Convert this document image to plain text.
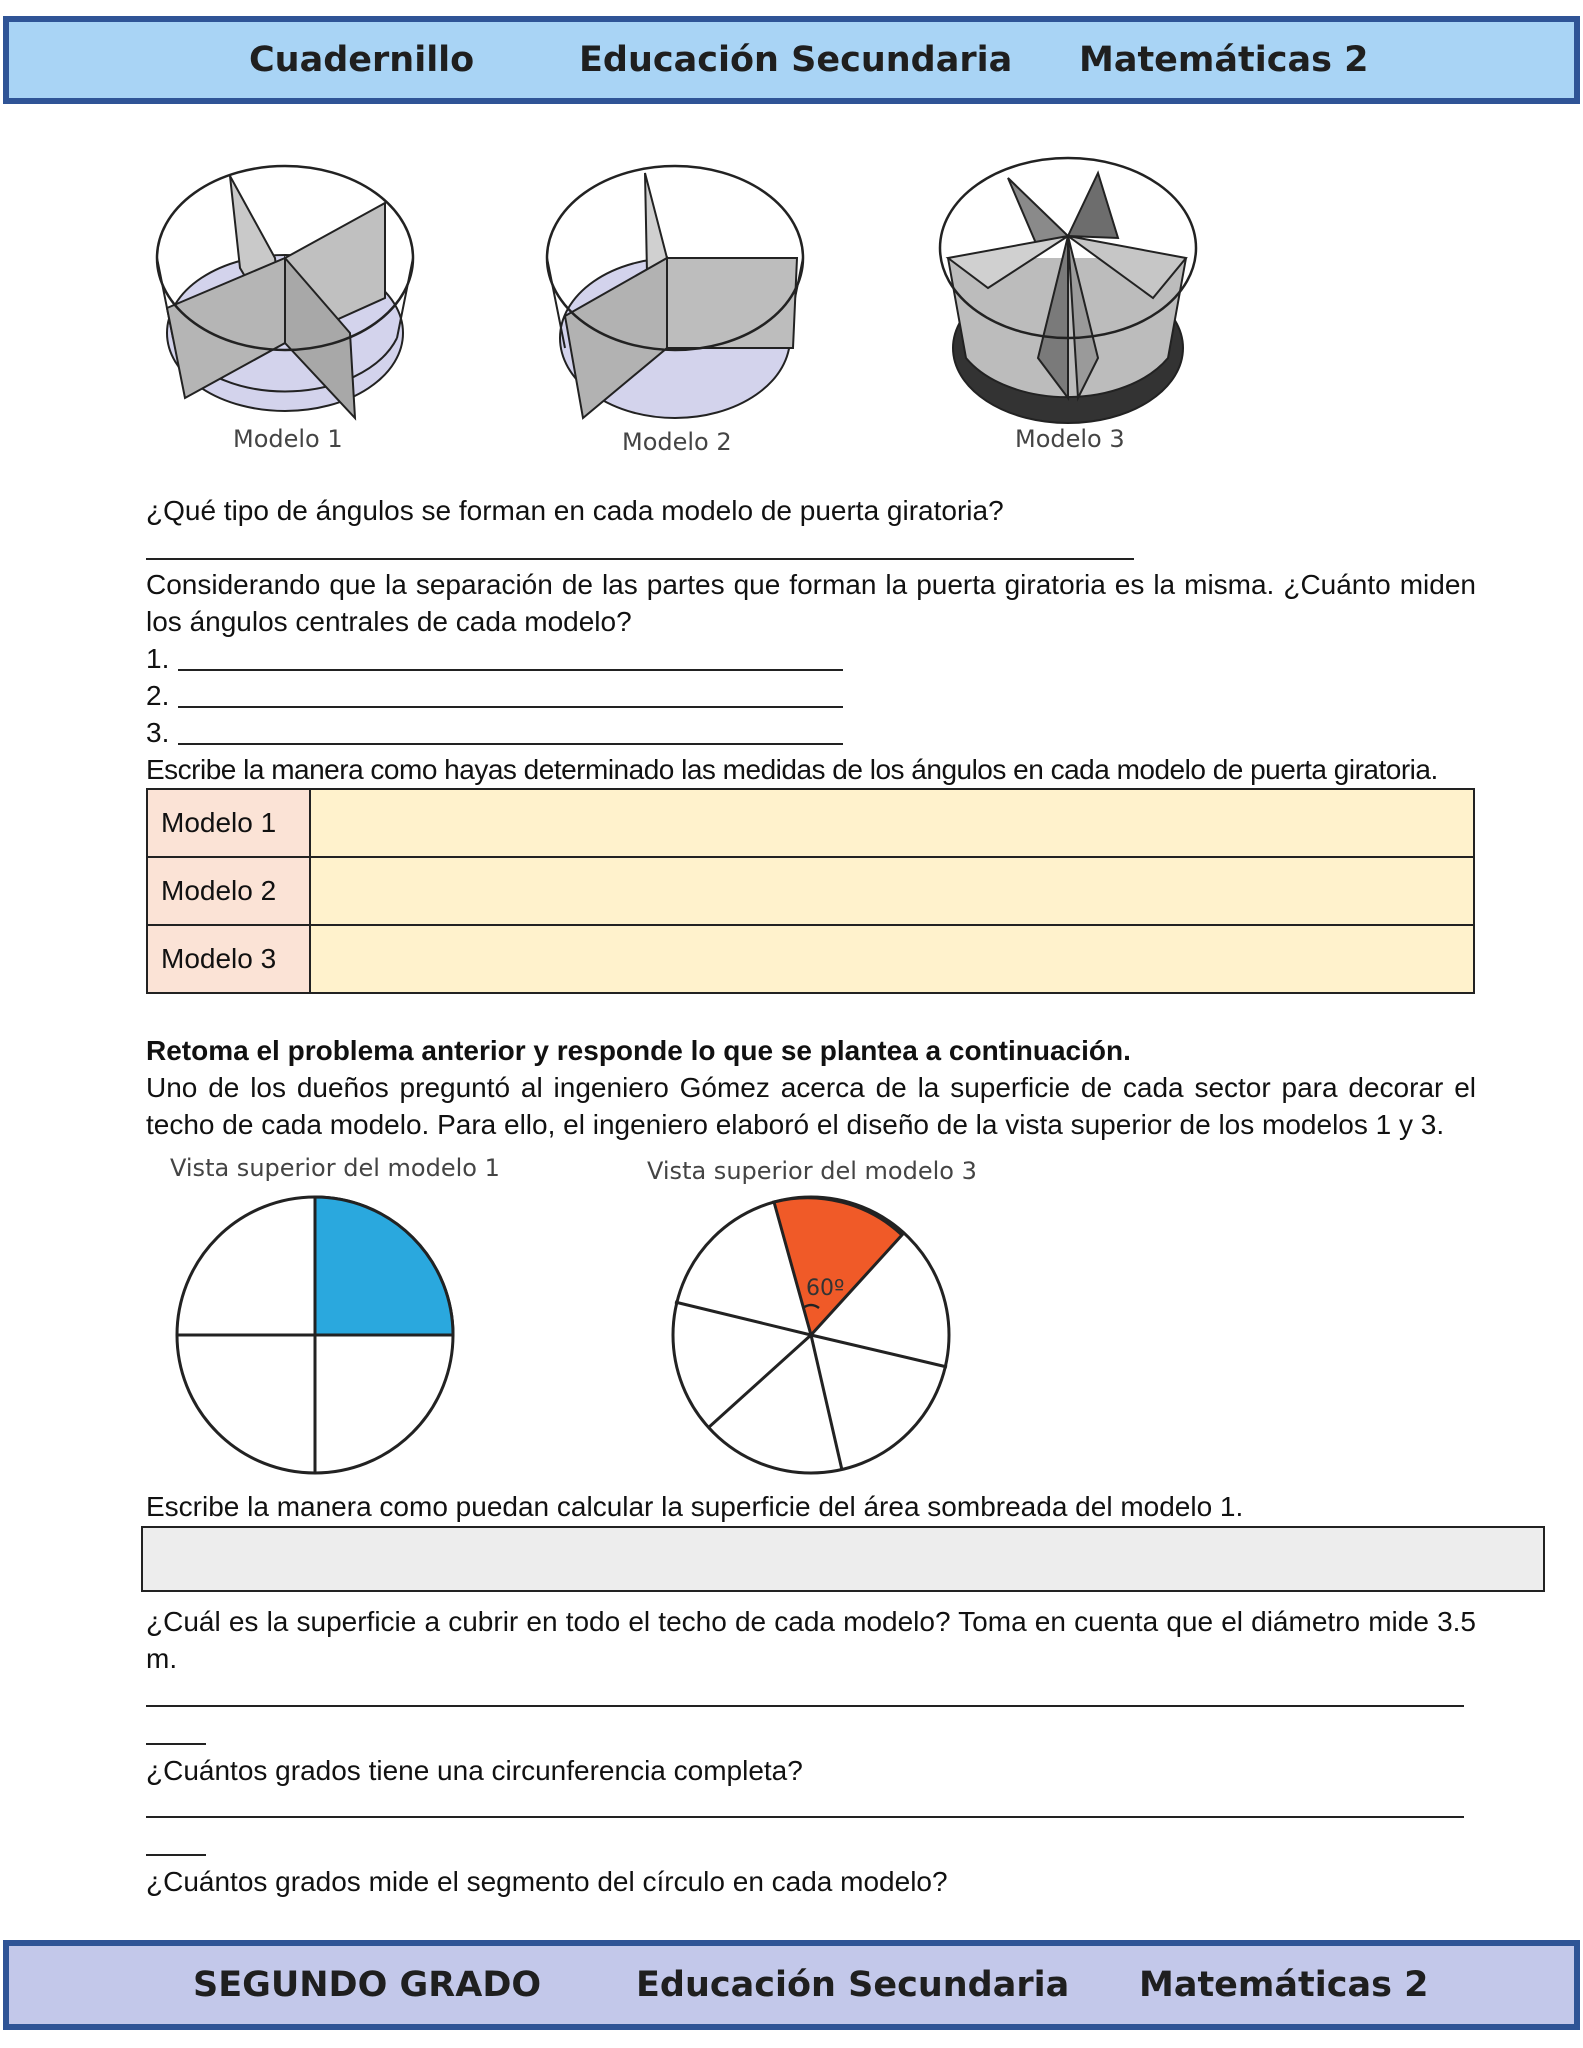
Cuadernillo	Educación Secundaria Matemáticas 2
Modelo 1	Modelo 2	Modelo 3
¿Qué tipo de ángulos se forman en cada modelo de puerta giratoria?
Considerando que la separación de las partes que forman la puerta giratoria es la misma. ¿Cuánto miden los ángulos centrales de cada modelo?
1.
2.
3.
Escribe la manera como hayas determinado las medidas de los ángulos en cada modelo de puerta giratoria.
Modelo 1	
Modelo 2	
Modelo 3	
Retoma el problema anterior y responde lo que se plantea a continuación.
Uno de los dueños preguntó al ingeniero Gómez acerca de la superficie de cada sector para decorar el techo de cada modelo. Para ello, el ingeniero elaboró el diseño de la vista superior de los modelos 1 y 3.
Vista superior del modelo 1	Vista superior del modelo 3
60º
Escribe la manera como puedan calcular la superficie del área sombreada del modelo 1.
¿Cuál es la superficie a cubrir en todo el techo de cada modelo? Toma en cuenta que el diámetro mide 3.5 m.
¿Cuántos grados tiene una circunferencia completa?
¿Cuántos grados mide el segmento del círculo en cada modelo?
SEGUNDO GRADO	Educación Secundaria Matemáticas 2
